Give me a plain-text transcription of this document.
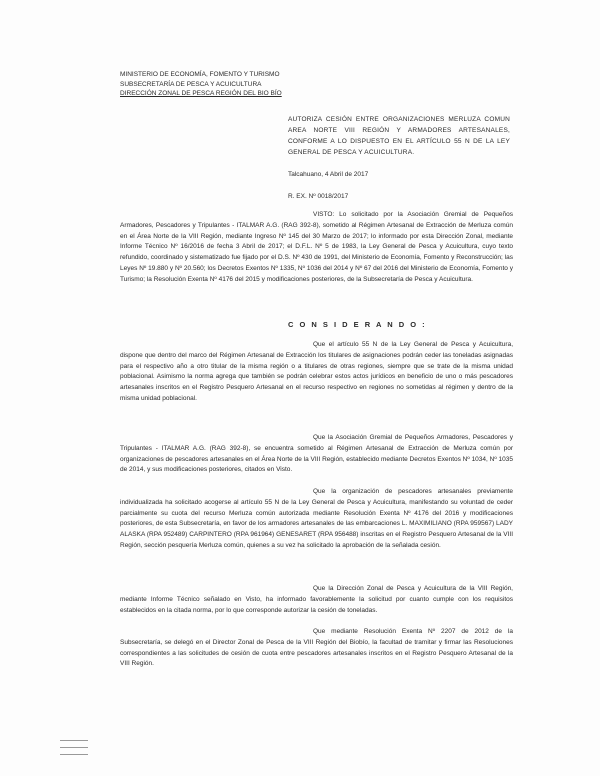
MINISTERIO DE ECONOMÍA, FOMENTO Y TURISMO
SUBSECRETARÍA DE PESCA Y ACUICULTURA
DIRECCIÓN ZONAL DE PESCA REGIÓN DEL BIO BÍO
AUTORIZA CESIÓN ENTRE ORGANIZACIONES MERLUZA COMUN AREA NORTE VIII REGIÓN Y ARMADORES ARTESANALES, CONFORME A LO DISPUESTO EN EL ARTÍCULO 55 N DE LA LEY GENERAL DE PESCA Y ACUICULTURA.
Talcahuano, 4 Abril de 2017
R. EX. Nº 0018/2017
VISTO: Lo solicitado por la Asociación Gremial de Pequeños Armadores, Pescadores y Tripulantes - ITALMAR A.G. (RAG 392-8), sometido al Régimen Artesanal de Extracción de Merluza común en el Área Norte de la VIII Región, mediante Ingreso Nº 145 del 30 Marzo de 2017; lo informado por esta Dirección Zonal, mediante Informe Técnico Nº 16/2016 de fecha 3 Abril de 2017; el D.F.L. Nº 5 de 1983, la Ley General de Pesca y Acuicultura, cuyo texto refundido, coordinado y sistematizado fue fijado por el D.S. Nº 430 de 1991, del Ministerio de Economía, Fomento y Reconstrucción; las Leyes Nº 19.880 y Nº 20.560; los Decretos Exentos Nº 1335, Nº 1036 del 2014 y Nº 67 del 2016 del Ministerio de Economía, Fomento y Turismo; la Resolución Exenta Nº 4176 del 2015 y modificaciones posteriores, de la Subsecretaría de Pesca y Acuicultura.
C O N S I D E R A N D O :
Que el artículo 55 N de la Ley General de Pesca y Acuicultura, dispone que dentro del marco del Régimen Artesanal de Extracción los titulares de asignaciones podrán ceder las toneladas asignadas para el respectivo año a otro titular de la misma región o a titulares de otras regiones, siempre que se trate de la misma unidad poblacional. Asimismo la norma agrega que también se podrán celebrar estos actos jurídicos en beneficio de uno o más pescadores artesanales inscritos en el Registro Pesquero Artesanal en el recurso respectivo en regiones no sometidas al régimen y dentro de la misma unidad poblacional.
Que la Asociación Gremial de Pequeños Armadores, Pescadores y Tripulantes - ITALMAR A.G. (RAG 392-8), se encuentra sometido al Régimen Artesanal de Extracción de Merluza común por organizaciones de pescadores artesanales en el Área Norte de la VIII Región, establecido mediante Decretos Exentos Nº 1034, Nº 1035 de 2014, y sus modificaciones posteriores, citados en Visto.
Que la organización de pescadores artesanales previamente individualizada ha solicitado acogerse al artículo 55 N de la Ley General de Pesca y Acuicultura, manifestando su voluntad de ceder parcialmente su cuota del recurso Merluza común autorizada mediante Resolución Exenta Nº 4176 del 2016 y modificaciones posteriores, de esta Subsecretaría, en favor de los armadores artesanales de las embarcaciones L. MAXIMILIANO (RPA 959567) LADY ALASKA (RPA 952489) CARPINTERO (RPA 961964) GENESARET (RPA 956488) inscritas en el Registro Pesquero Artesanal de la VIII Región, sección pesquería Merluza común, quienes a su vez ha solicitado la aprobación de la señalada cesión.
Que la Dirección Zonal de Pesca y Acuicultura de la VIII Región, mediante Informe Técnico señalado en Visto, ha informado favorablemente la solicitud por cuanto cumple con los requisitos establecidos en la citada norma, por lo que corresponde autorizar la cesión de toneladas.
Que mediante Resolución Exenta Nº 2207 de 2012 de la Subsecretaría, se delegó en el Director Zonal de Pesca de la VIII Región del Biobío, la facultad de tramitar y firmar las Resoluciones correspondientes a las solicitudes de cesión de cuota entre pescadores artesanales inscritos en el Registro Pesquero Artesanal de la VIII Región.
